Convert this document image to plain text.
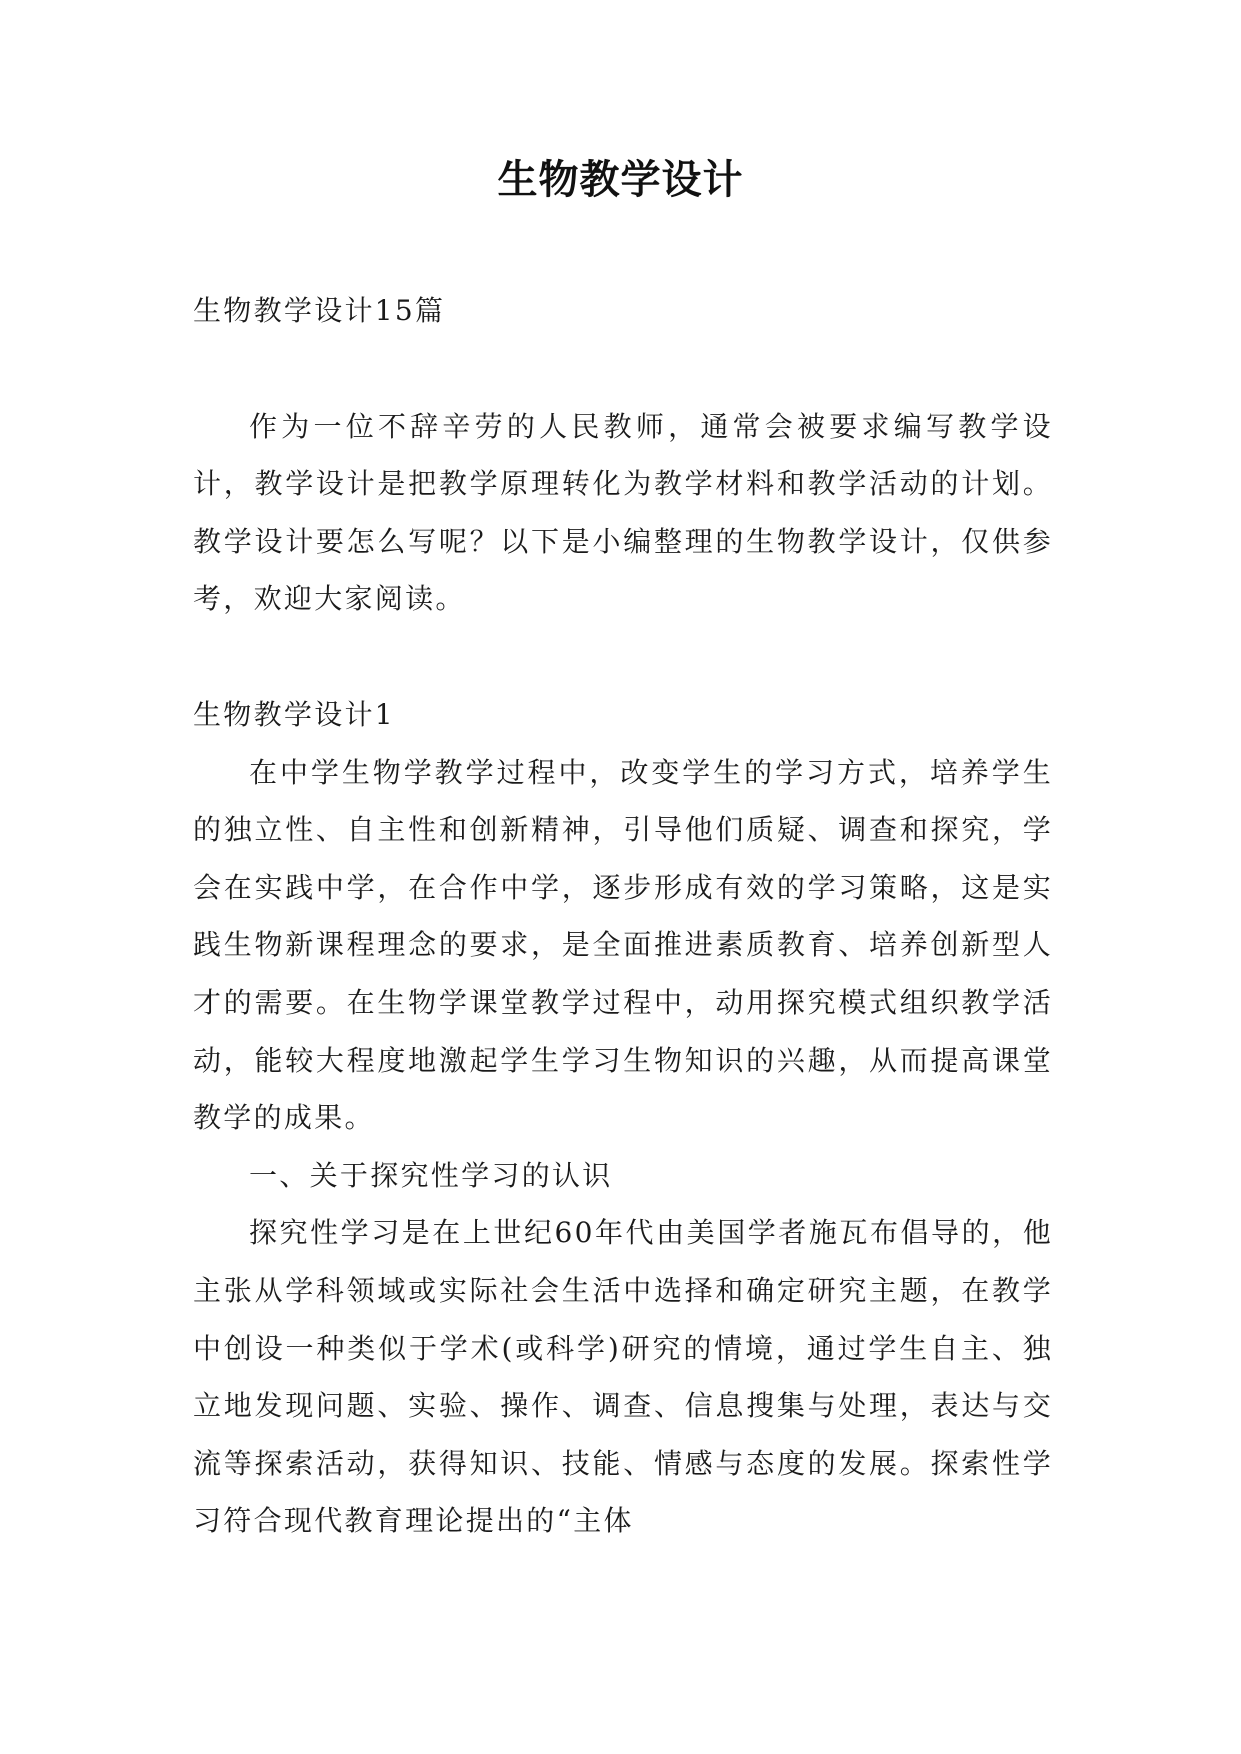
生物教学设计

生物教学设计15篇

作为一位不辞辛劳的人民教师，通常会被要求编写教学设计，教学设计是把教学原理转化为教学材料和教学活动的计划。教学设计要怎么写呢？以下是小编整理的生物教学设计，仅供参考，欢迎大家阅读。

生物教学设计1

在中学生物学教学过程中，改变学生的学习方式，培养学生的独立性、自主性和创新精神，引导他们质疑、调查和探究，学会在实践中学，在合作中学，逐步形成有效的学习策略，这是实践生物新课程理念的要求，是全面推进素质教育、培养创新型人才的需要。在生物学课堂教学过程中，动用探究模式组织教学活动，能较大程度地激起学生学习生物知识的兴趣，从而提高课堂教学的成果。

一、关于探究性学习的认识

探究性学习是在上世纪60年代由美国学者施瓦布倡导的，他主张从学科领域或实际社会生活中选择和确定研究主题，在教学中创设一种类似于学术(或科学)研究的情境，通过学生自主、独立地发现问题、实验、操作、调查、信息搜集与处理，表达与交流等探索活动，获得知识、技能、情感与态度的发展。探索性学习符合现代教育理论提出的“主体
